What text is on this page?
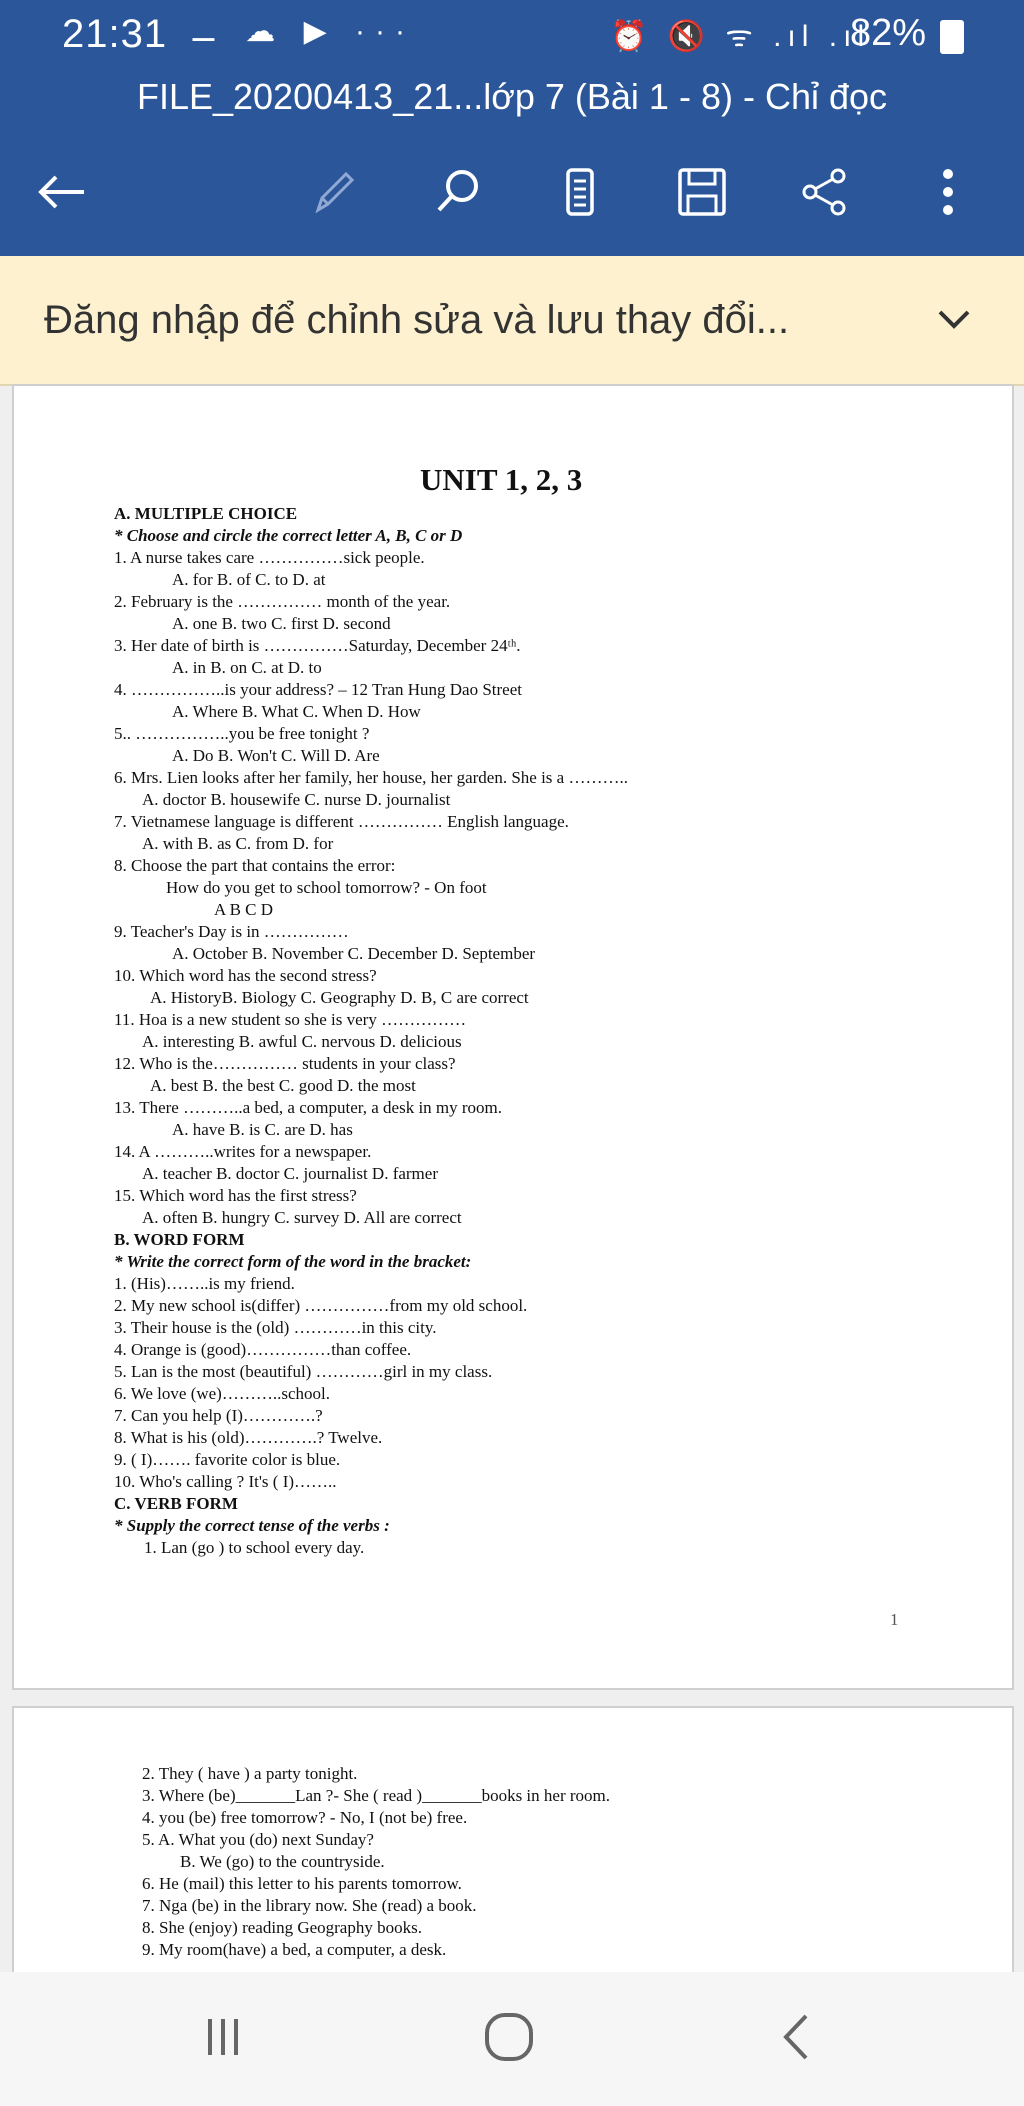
21:31 ⚊ ☁ ▶ ···	⏰ 🔇 ᯤ .ıl .ıl
82%
FILE_20200413_21...lớp 7 (Bài 1 - 8) - Chỉ đọc
Đăng nhập để chỉnh sửa và lưu thay đổi...
UNIT 1, 2, 3
A. MULTIPLE CHOICE
* Choose and circle the correct letter A, B, C or D
1. A nurse takes care ……………sick people.
A. for B. of C. to D. at
2. February is the …………… month of the year.
A. one B. two C. first D. second
3. Her date of birth is ……………Saturday, December 24ᵗʰ.
A. in B. on C. at D. to
4. ……………..is your address? – 12 Tran Hung Dao Street
A. Where B. What C. When D. How
5.. ……………..you be free tonight ?
A. Do B. Won't C. Will D. Are
6. Mrs. Lien looks after her family, her house, her garden. She is a ………..
A. doctor B. housewife C. nurse D. journalist
7. Vietnamese language is different …………… English language.
A. with B. as C. from D. for
8. Choose the part that contains the error:
How do you get to school tomorrow? - On foot
A B C D
9. Teacher's Day is in ……………
A. October B. November C. December D. September
10. Which word has the second stress?
A. HistoryB. Biology C. Geography D. B, C are correct
11. Hoa is a new student so she is very ……………
A. interesting B. awful C. nervous D. delicious
12. Who is the…………… students in your class?
A. best B. the best C. good D. the most
13. There ………..a bed, a computer, a desk in my room.
A. have B. is C. are D. has
14. A ………..writes for a newspaper.
A. teacher B. doctor C. journalist D. farmer
15. Which word has the first stress?
A. often B. hungry C. survey D. All are correct
B. WORD FORM
* Write the correct form of the word in the bracket:
1. (His)……..is my friend.
2. My new school is(differ) ……………from my old school.
3. Their house is the (old) …………in this city.
4. Orange is (good)……………than coffee.
5. Lan is the most (beautiful) …………girl in my class.
6. We love (we)………..school.
7. Can you help (I)………….?
8. What is his (old)………….? Twelve.
9. ( I)……. favorite color is blue.
10. Who's calling ? It's ( I)……..
C. VERB FORM
* Supply the correct tense of the verbs :
1. Lan (go ) to school every day.
1
2. They ( have ) a party tonight.
3. Where (be)_______Lan ?- She ( read )_______books in her room.
4. you (be) free tomorrow? - No, I (not be) free.
5. A. What you (do) next Sunday?
B. We (go) to the countryside.
6. He (mail) this letter to his parents tomorrow.
7. Nga (be) in the library now. She (read) a book.
8. She (enjoy) reading Geography books.
9. My room(have) a bed, a computer, a desk.
